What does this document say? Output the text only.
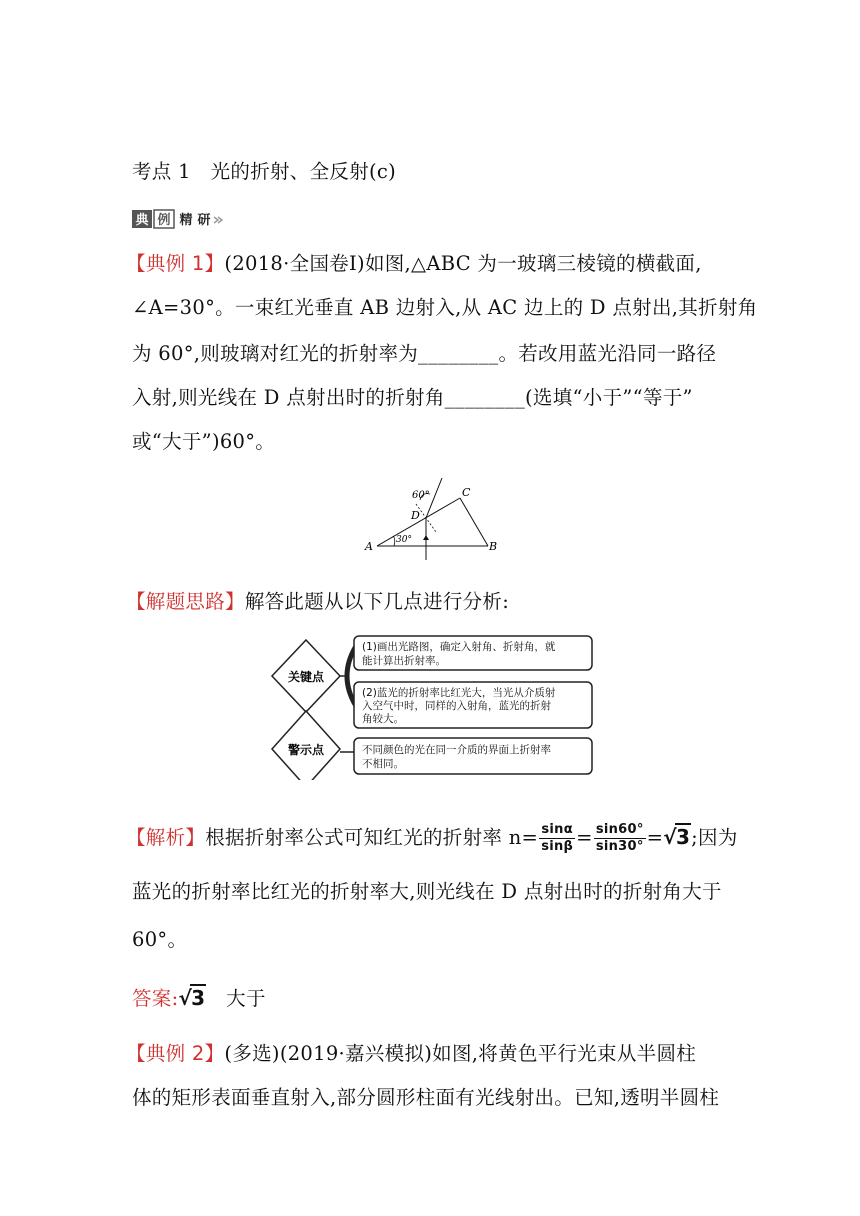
考点 1　光的折射、全反射(c)
典 例 精 研
【典例 1】(2018·全国卷Ⅰ)如图,△ABC 为一玻璃三棱镜的横截面,
∠A=30°。一束红光垂直 AB 边射入,从 AC 边上的 D 点射出,其折射角
为 60°,则玻璃对红光的折射率为________。若改用蓝光沿同一路径
入射,则光线在 D 点射出时的折射角________(选填“小于”“等于”
或“大于”)60°。
60°
30°
A	B
C
D
【解题思路】解答此题从以下几点进行分析:
关键点
警示点
(1)画出光路图，确定入射角、折射角，就
能计算出折射率。
(2)蓝光的折射率比红光大，当光从介质射
入空气中时，同样的入射角，蓝光的折射
角较大。
不同颜色的光在同一介质的界面上折射率
不相同。
【解析】根据折射率公式可知红光的折射率 $n= \frac{\sin\alpha}{\sin\beta} = \frac{\sin 60^\circ}{\sin 30^\circ} =√3$;因为
蓝光的折射率比红光的折射率大,则光线在 D 点射出时的折射角大于
60°。
答案:√3　大于
【典例 2】(多选)(2019·嘉兴模拟)如图,将黄色平行光束从半圆柱
体的矩形表面垂直射入,部分圆形柱面有光线射出。已知,透明半圆柱
